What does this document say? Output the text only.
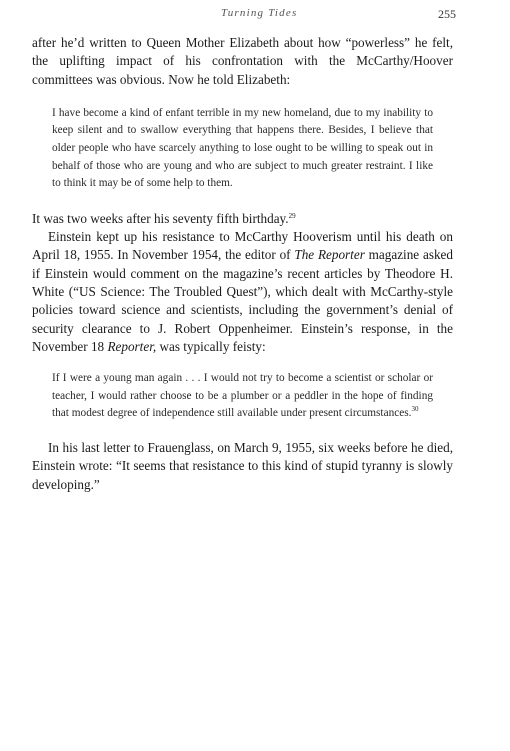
Turning Tides	255

after he’d written to Queen Mother Elizabeth about how “powerless” he felt, the uplifting impact of his confrontation with the McCarthy/Hoover committees was obvious. Now he told Elizabeth:

I have become a kind of enfant terrible in my new homeland, due to my inability to keep silent and to swallow everything that happens there. Besides, I believe that older people who have scarcely anything to lose ought to be willing to speak out in behalf of those who are young and who are subject to much greater restraint. I like to think it may be of some help to them.

It was two weeks after his seventy fifth birthday.$^{29}$

Einstein kept up his resistance to McCarthy Hooverism until his death on April 18, 1955. In November 1954, the editor of The Reporter magazine asked if Einstein would comment on the magazine’s recent articles by Theodore H. White (“US Science: The Troubled Quest”), which dealt with McCarthy-style policies toward science and scientists, including the government’s denial of security clearance to J. Robert Oppenheimer. Einstein’s response, in the November 18 Reporter, was typically feisty:

If I were a young man again . . . I would not try to become a scientist or scholar or teacher, I would rather choose to be a plumber or a peddler in the hope of finding that modest degree of independence still available under present circumstances.$^{30}$

In his last letter to Frauenglass, on March 9, 1955, six weeks before he died, Einstein wrote: “It seems that resistance to this kind of stupid tyranny is slowly developing.”
